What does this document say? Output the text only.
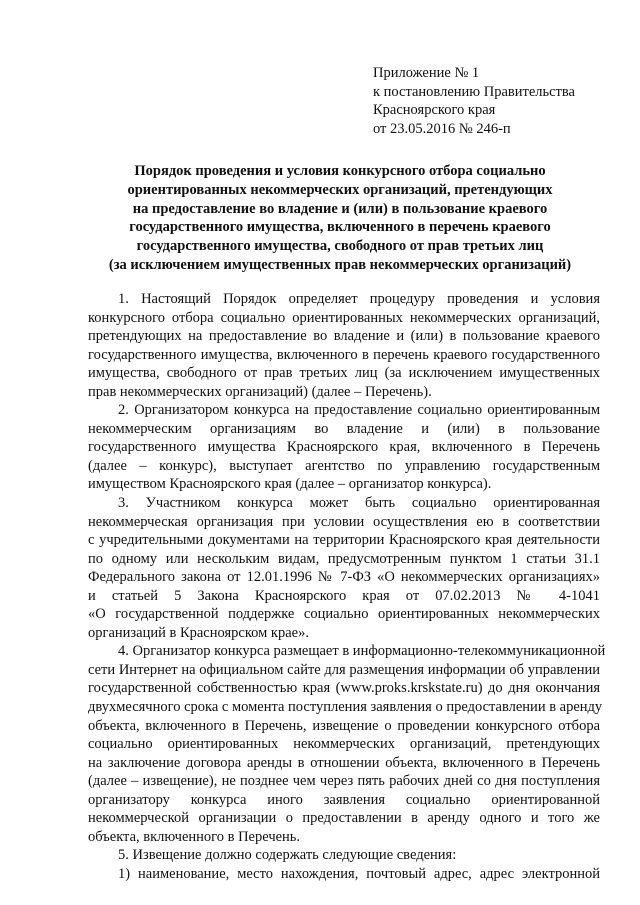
Приложение № 1
к постановлению Правительства
Красноярского края
от 23.05.2016 № 246-п
Порядок проведения и условия конкурсного отбора социально
ориентированных некоммерческих организаций, претендующих
на предоставление во владение и (или) в пользование краевого
государственного имущества, включенного в перечень краевого
государственного имущества, свободного от прав третьих лиц
(за исключением имущественных прав некоммерческих организаций)
1. Настоящий Порядок определяет процедуру проведения и условия
конкурсного отбора социально ориентированных некоммерческих организаций,
претендующих на предоставление во владение и (или) в пользование краевого
государственного имущества, включенного в перечень краевого государственного
имущества, свободного от прав третьих лиц (за исключением имущественных
прав некоммерческих организаций) (далее – Перечень).
2. Организатором конкурса на предоставление социально ориентированным
некоммерческим организациям во владение и (или) в пользование
государственного имущества Красноярского края, включенного в Перечень
(далее – конкурс), выступает агентство по управлению государственным
имуществом Красноярского края (далее – организатор конкурса).
3. Участником конкурса может быть социально ориентированная
некоммерческая организация при условии осуществления ею в соответствии
с учредительными документами на территории Красноярского края деятельности
по одному или нескольким видам, предусмотренным пунктом 1 статьи 31.1
Федерального закона от 12.01.1996 № 7-ФЗ «О некоммерческих организациях»
и статьей 5 Закона Красноярского края от 07.02.2013 № 4-1041
«О государственной поддержке социально ориентированных некоммерческих
организаций в Красноярском крае».
4. Организатор конкурса размещает в информационно-телекоммуникационной
сети Интернет на официальном сайте для размещения информации об управлении
государственной собственностью края (www.proks.krskstate.ru) до дня окончания
двухмесячного срока с момента поступления заявления о предоставлении в аренду
объекта, включенного в Перечень, извещение о проведении конкурсного отбора
социально ориентированных некоммерческих организаций, претендующих
на заключение договора аренды в отношении объекта, включенного в Перечень
(далее – извещение), не позднее чем через пять рабочих дней со дня поступления
организатору конкурса иного заявления социально ориентированной
некоммерческой организации о предоставлении в аренду одного и того же
объекта, включенного в Перечень.
5. Извещение должно содержать следующие сведения:
1) наименование, место нахождения, почтовый адрес, адрес электронной
